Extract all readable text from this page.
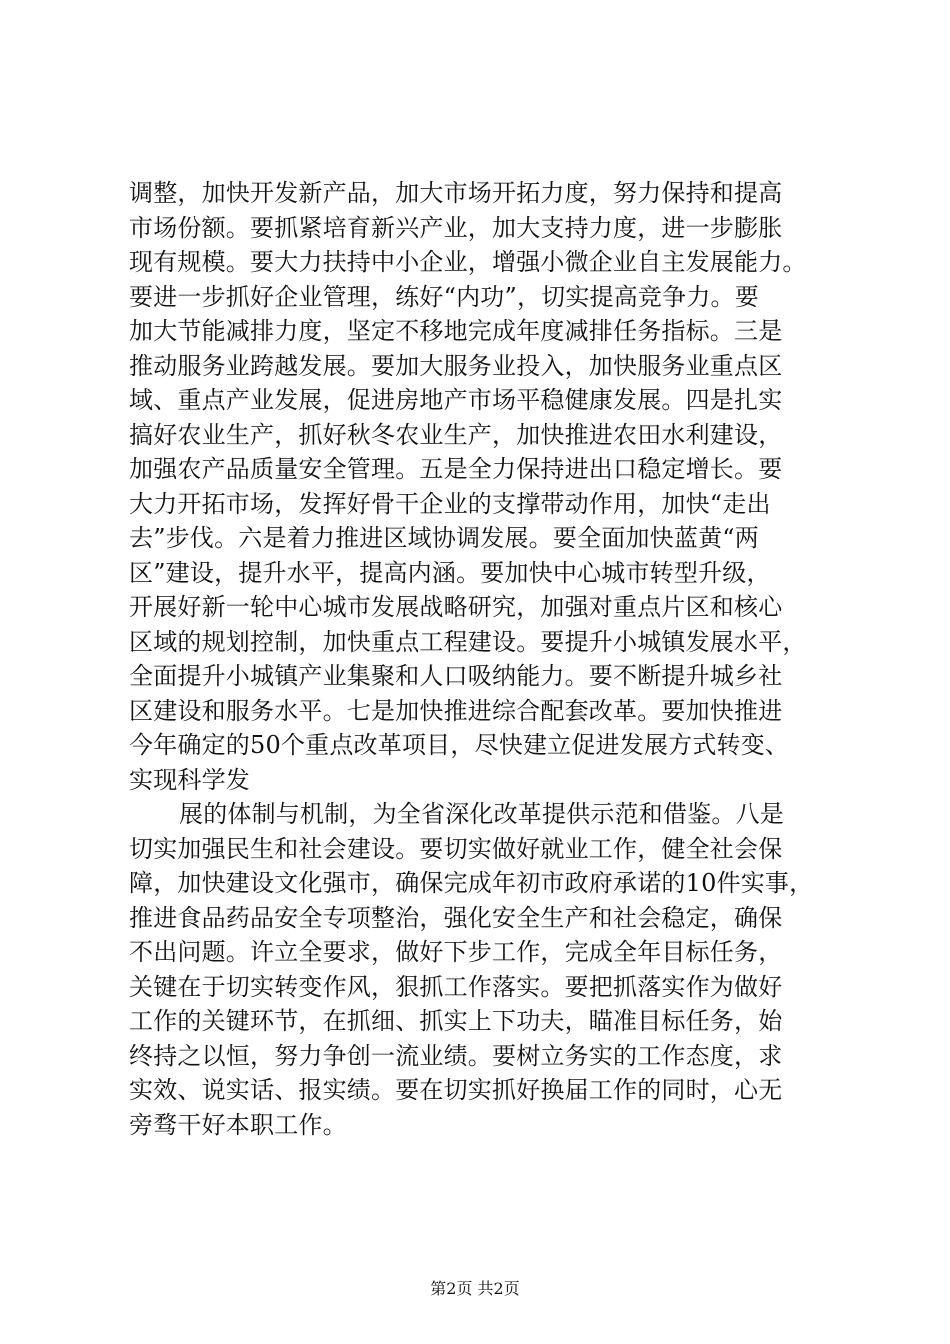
调整，加快开发新产品，加大市场开拓力度，努力保持和提高
市场份额。要抓紧培育新兴产业，加大支持力度，进一步膨胀
现有规模。要大力扶持中小企业，增强小微企业自主发展能力。
要进一步抓好企业管理，练好“内功”，切实提高竞争力。要
加大节能减排力度，坚定不移地完成年度减排任务指标。三是
推动服务业跨越发展。要加大服务业投入，加快服务业重点区
域、重点产业发展，促进房地产市场平稳健康发展。四是扎实
搞好农业生产，抓好秋冬农业生产，加快推进农田水利建设，
加强农产品质量安全管理。五是全力保持进出口稳定增长。要
大力开拓市场，发挥好骨干企业的支撑带动作用，加快“走出
去”步伐。六是着力推进区域协调发展。要全面加快蓝黄“两
区”建设，提升水平，提高内涵。要加快中心城市转型升级，
开展好新一轮中心城市发展战略研究，加强对重点片区和核心
区域的规划控制，加快重点工程建设。要提升小城镇发展水平，
全面提升小城镇产业集聚和人口吸纳能力。要不断提升城乡社
区建设和服务水平。七是加快推进综合配套改革。要加快推进
今年确定的50个重点改革项目，尽快建立促进发展方式转变、
实现科学发
展的体制与机制，为全省深化改革提供示范和借鉴。八是
切实加强民生和社会建设。要切实做好就业工作，健全社会保
障，加快建设文化强市，确保完成年初市政府承诺的10件实事，
推进食品药品安全专项整治，强化安全生产和社会稳定，确保
不出问题。许立全要求，做好下步工作，完成全年目标任务，
关键在于切实转变作风，狠抓工作落实。要把抓落实作为做好
工作的关键环节，在抓细、抓实上下功夫，瞄准目标任务，始
终持之以恒，努力争创一流业绩。要树立务实的工作态度，求
实效、说实话、报实绩。要在切实抓好换届工作的同时，心无
旁骛干好本职工作。
第2页 共2页
